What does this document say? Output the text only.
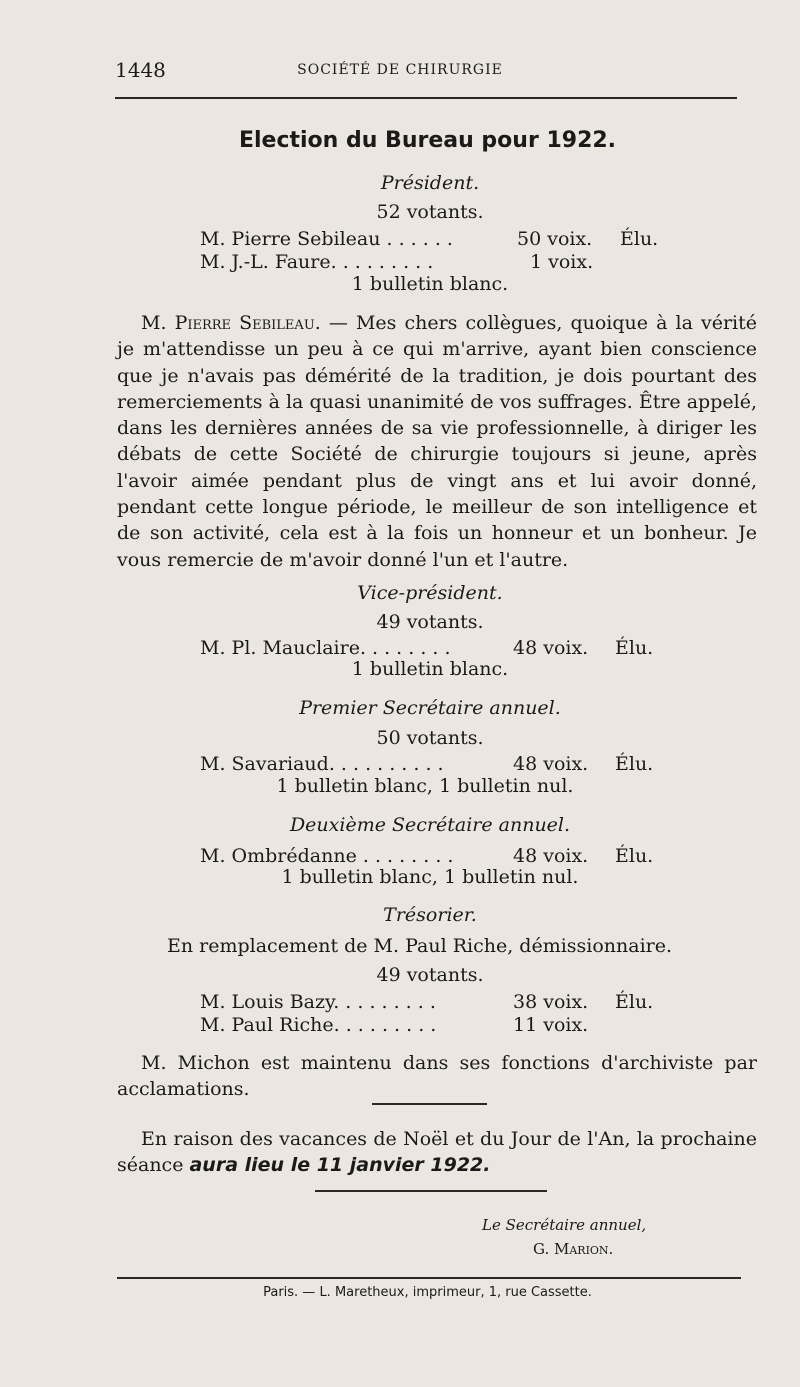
1448	SOCIÉTÉ DE CHIRURGIE
Election du Bureau pour 1922.
Président.
52 votants.
M. Pierre Sebileau . . . . . .	50 voix. Élu.
M. J.-L. Faure. . . . . . . . .	1 voix.
1 bulletin blanc.
M. Pierre Sebileau. — Mes chers collègues, quoique à la vérité je m'attendisse un peu à ce qui m'arrive, ayant bien conscience que je n'avais pas démérité de la tradition, je dois pourtant des remerciements à la quasi unanimité de vos suffrages. Être appelé, dans les dernières années de sa vie professionnelle, à diriger les débats de cette Société de chirurgie toujours si jeune, après l'avoir aimée pendant plus de vingt ans et lui avoir donné, pendant cette longue période, le meilleur de son intelligence et de son activité, cela est à la fois un honneur et un bonheur. Je vous remercie de m'avoir donné l'un et l'autre.
Vice-président.
49 votants.
M. Pl. Mauclaire. . . . . . . .	48 voix. Élu.
1 bulletin blanc.
Premier Secrétaire annuel.
50 votants.
M. Savariaud. . . . . . . . . .	48 voix. Élu.
1 bulletin blanc, 1 bulletin nul.
Deuxième Secrétaire annuel.
M. Ombrédanne . . . . . . . .	48 voix. Élu.
1 bulletin blanc, 1 bulletin nul.
Trésorier.
En remplacement de M. Paul Riche, démissionnaire.
49 votants.
M. Louis Bazy. . . . . . . . .	38 voix. Élu.
M. Paul Riche. . . . . . . . .	11 voix.
M. Michon est maintenu dans ses fonctions d'archiviste par acclamations.
En raison des vacances de Noël et du Jour de l'An, la prochaine séance aura lieu le 11 janvier 1922.
Le Secrétaire annuel,
G. Marion.
Paris. — L. Maretheux, imprimeur, 1, rue Cassette.
